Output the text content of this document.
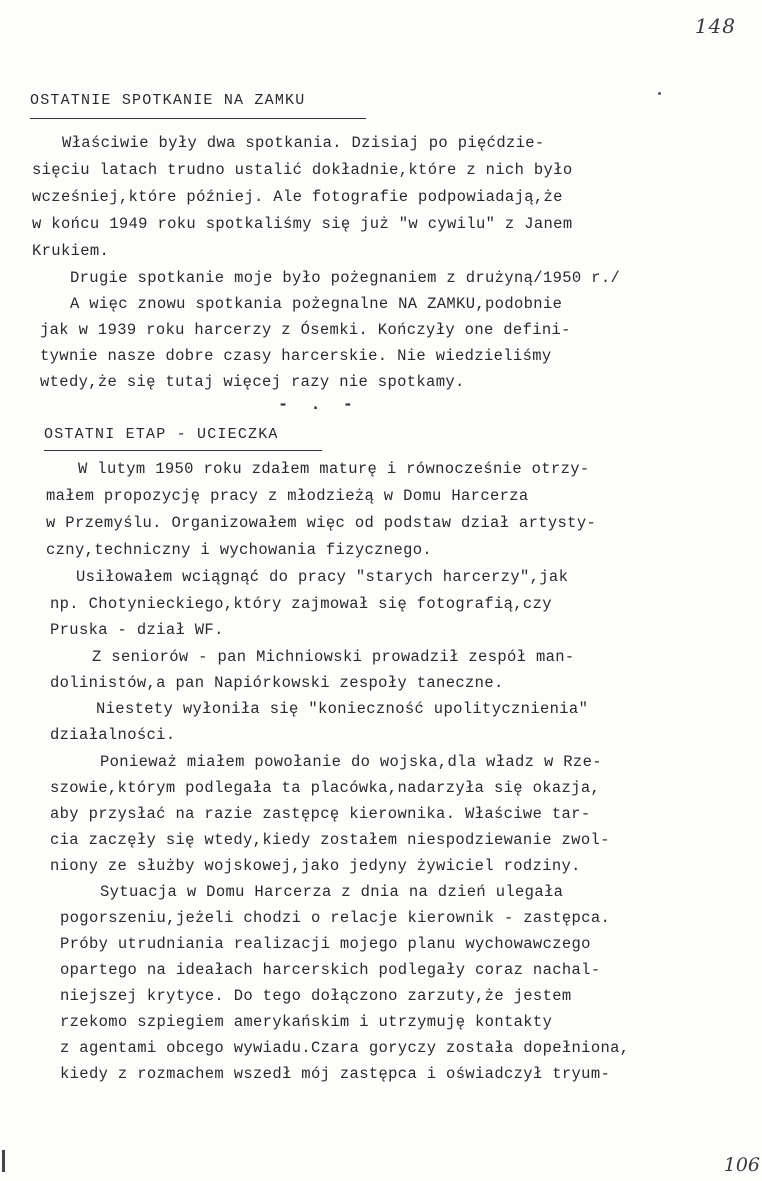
148
OSTATNIE SPOTKANIE NA ZAMKU
Właściwie były dwa spotkania. Dzisiaj po pięćdzie-
sięciu latach trudno ustalić dokładnie,które z nich było
wcześniej,które później. Ale fotografie podpowiadają,że
w końcu 1949 roku spotkaliśmy się już "w cywilu" z Janem
Krukiem.
Drugie spotkanie moje było pożegnaniem z drużyną/1950 r./
A więc znowu spotkania pożegnalne NA ZAMKU,podobnie
jak w 1939 roku harcerzy z Ósemki. Kończyły one defini-
tywnie nasze dobre czasy harcerskie. Nie wiedzieliśmy
wtedy,że się tutaj więcej razy nie spotkamy.
- . -
OSTATNI ETAP - UCIECZKA
W lutym 1950 roku zdałem maturę i równocześnie otrzy-
małem propozycję pracy z młodzieżą w Domu Harcerza
w Przemyślu. Organizowałem więc od podstaw dział artysty-
czny,techniczny i wychowania fizycznego.
Usiłowałem wciągnąć do pracy "starych harcerzy",jak
np. Chotynieckiego,który zajmował się fotografią,czy
Pruska - dział WF.
Z seniorów - pan Michniowski prowadził zespół man-
dolinistów,a pan Napiórkowski zespoły taneczne.
Niestety wyłoniła się "konieczność upolitycznienia"
działalności.
Ponieważ miałem powołanie do wojska,dla władz w Rze-
szowie,którym podlegała ta placówka,nadarzyła się okazja,
aby przysłać na razie zastępcę kierownika. Właściwe tar-
cia zaczęły się wtedy,kiedy zostałem niespodziewanie zwol-
niony ze służby wojskowej,jako jedyny żywiciel rodziny.
Sytuacja w Domu Harcerza z dnia na dzień ulegała
pogorszeniu,jeżeli chodzi o relacje kierownik - zastępca.
Próby utrudniania realizacji mojego planu wychowawczego
opartego na ideałach harcerskich podlegały coraz nachal-
niejszej krytyce. Do tego dołączono zarzuty,że jestem
rzekomo szpiegiem amerykańskim i utrzymuję kontakty
z agentami obcego wywiadu.Czara goryczy została dopełniona,
kiedy z rozmachem wszedł mój zastępca i oświadczył tryum-
106
